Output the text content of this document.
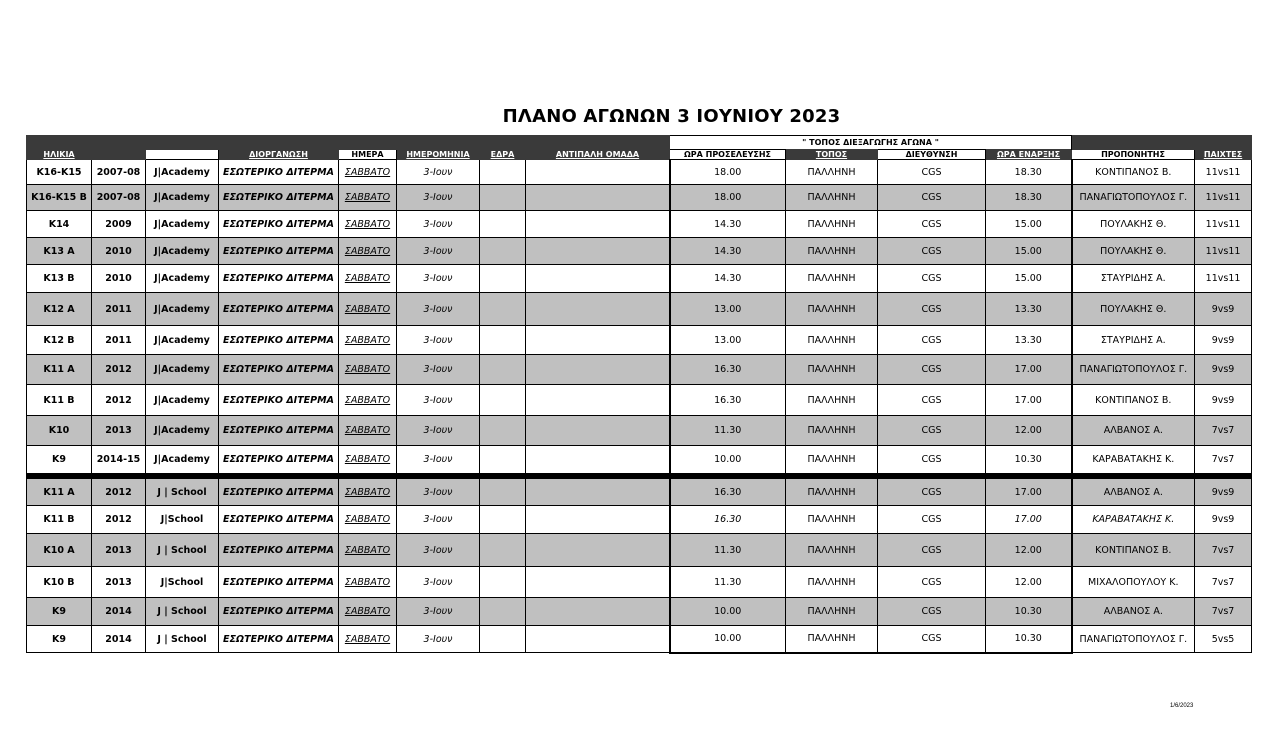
ΠΛΑΝΟ ΑΓΩΝΩΝ 3 ΙΟΥΝΙΟΥ 2023
								" ΤΟΠΟΣ ΔΙΕΞΑΓΩΓΗΣ ΑΓΩΝΑ "					
ΗΛΙΚΙΑ			ΔΙΟΡΓΑΝΩΣΗ	ΗΜΕΡΑ	ΗΜΕΡΟΜΗΝΙΑ	ΕΔΡΑ	ΑΝΤΙΠΑΛΗ ΟΜΑΔΑ	ΩΡΑ ΠΡΟΣΕΛΕΥΣΗΣ	ΤΟΠΟΣ	ΔΙΕΥΘΥΝΣΗ	ΩΡΑ ΕΝΑΡΞΗΣ	ΠΡΟΠΟΝΗΤΗΣ	ΠΑΙΧΤΕΣ
K16-K15	2007-08	J|Academy	ΕΣΩΤΕΡΙΚΟ ΔΙΤΕΡΜΑ	ΣΑΒΒΑΤΟ	3-Ιουν			18.00	ΠΑΛΛΗΝΗ	CGS	18.30	ΚΟΝΤΙΠΑΝΟΣ Β.	11vs11
K16-K15 B	2007-08	J|Academy	ΕΣΩΤΕΡΙΚΟ ΔΙΤΕΡΜΑ	ΣΑΒΒΑΤΟ	3-Ιουν			18.00	ΠΑΛΛΗΝΗ	CGS	18.30	ΠΑΝΑΓΙΩΤΟΠΟΥΛΟΣ Γ.	11vs11
K14	2009	J|Academy	ΕΣΩΤΕΡΙΚΟ ΔΙΤΕΡΜΑ	ΣΑΒΒΑΤΟ	3-Ιουν			14.30	ΠΑΛΛΗΝΗ	CGS	15.00	ΠΟΥΛΑΚΗΣ Θ.	11vs11
K13 A	2010	J|Academy	ΕΣΩΤΕΡΙΚΟ ΔΙΤΕΡΜΑ	ΣΑΒΒΑΤΟ	3-Ιουν			14.30	ΠΑΛΛΗΝΗ	CGS	15.00	ΠΟΥΛΑΚΗΣ Θ.	11vs11
K13 B	2010	J|Academy	ΕΣΩΤΕΡΙΚΟ ΔΙΤΕΡΜΑ	ΣΑΒΒΑΤΟ	3-Ιουν			14.30	ΠΑΛΛΗΝΗ	CGS	15.00	ΣΤΑΥΡΙΔΗΣ Α.	11vs11
K12 A	2011	J|Academy	ΕΣΩΤΕΡΙΚΟ ΔΙΤΕΡΜΑ	ΣΑΒΒΑΤΟ	3-Ιουν			13.00	ΠΑΛΛΗΝΗ	CGS	13.30	ΠΟΥΛΑΚΗΣ Θ.	9vs9
K12 B	2011	J|Academy	ΕΣΩΤΕΡΙΚΟ ΔΙΤΕΡΜΑ	ΣΑΒΒΑΤΟ	3-Ιουν			13.00	ΠΑΛΛΗΝΗ	CGS	13.30	ΣΤΑΥΡΙΔΗΣ Α.	9vs9
K11 A	2012	J|Academy	ΕΣΩΤΕΡΙΚΟ ΔΙΤΕΡΜΑ	ΣΑΒΒΑΤΟ	3-Ιουν			16.30	ΠΑΛΛΗΝΗ	CGS	17.00	ΠΑΝΑΓΙΩΤΟΠΟΥΛΟΣ Γ.	9vs9
K11 B	2012	J|Academy	ΕΣΩΤΕΡΙΚΟ ΔΙΤΕΡΜΑ	ΣΑΒΒΑΤΟ	3-Ιουν			16.30	ΠΑΛΛΗΝΗ	CGS	17.00	ΚΟΝΤΙΠΑΝΟΣ Β.	9vs9
K10	2013	J|Academy	ΕΣΩΤΕΡΙΚΟ ΔΙΤΕΡΜΑ	ΣΑΒΒΑΤΟ	3-Ιουν			11.30	ΠΑΛΛΗΝΗ	CGS	12.00	ΑΛΒΑΝΟΣ Α.	7vs7
K9	2014-15	J|Academy	ΕΣΩΤΕΡΙΚΟ ΔΙΤΕΡΜΑ	ΣΑΒΒΑΤΟ	3-Ιουν			10.00	ΠΑΛΛΗΝΗ	CGS	10.30	ΚΑΡΑΒΑΤΑΚΗΣ Κ.	7vs7

K11 A	2012	J | School	ΕΣΩΤΕΡΙΚΟ ΔΙΤΕΡΜΑ	ΣΑΒΒΑΤΟ	3-Ιουν			16.30	ΠΑΛΛΗΝΗ	CGS	17.00	ΑΛΒΑΝΟΣ Α.	9vs9
K11 B	2012	J|School	ΕΣΩΤΕΡΙΚΟ ΔΙΤΕΡΜΑ	ΣΑΒΒΑΤΟ	3-Ιουν			16.30	ΠΑΛΛΗΝΗ	CGS	17.00	ΚΑΡΑΒΑΤΑΚΗΣ Κ.	9vs9
K10 A	2013	J | School	ΕΣΩΤΕΡΙΚΟ ΔΙΤΕΡΜΑ	ΣΑΒΒΑΤΟ	3-Ιουν			11.30	ΠΑΛΛΗΝΗ	CGS	12.00	ΚΟΝΤΙΠΑΝΟΣ Β.	7vs7
K10 B	2013	J|School	ΕΣΩΤΕΡΙΚΟ ΔΙΤΕΡΜΑ	ΣΑΒΒΑΤΟ	3-Ιουν			11.30	ΠΑΛΛΗΝΗ	CGS	12.00	ΜΙΧΑΛΟΠΟΥΛΟΥ Κ.	7vs7
K9	2014	J | School	ΕΣΩΤΕΡΙΚΟ ΔΙΤΕΡΜΑ	ΣΑΒΒΑΤΟ	3-Ιουν			10.00	ΠΑΛΛΗΝΗ	CGS	10.30	ΑΛΒΑΝΟΣ Α.	7vs7
K9	2014	J | School	ΕΣΩΤΕΡΙΚΟ ΔΙΤΕΡΜΑ	ΣΑΒΒΑΤΟ	3-Ιουν			10.00	ΠΑΛΛΗΝΗ	CGS	10.30	ΠΑΝΑΓΙΩΤΟΠΟΥΛΟΣ Γ.	5vs5
1/6/2023
